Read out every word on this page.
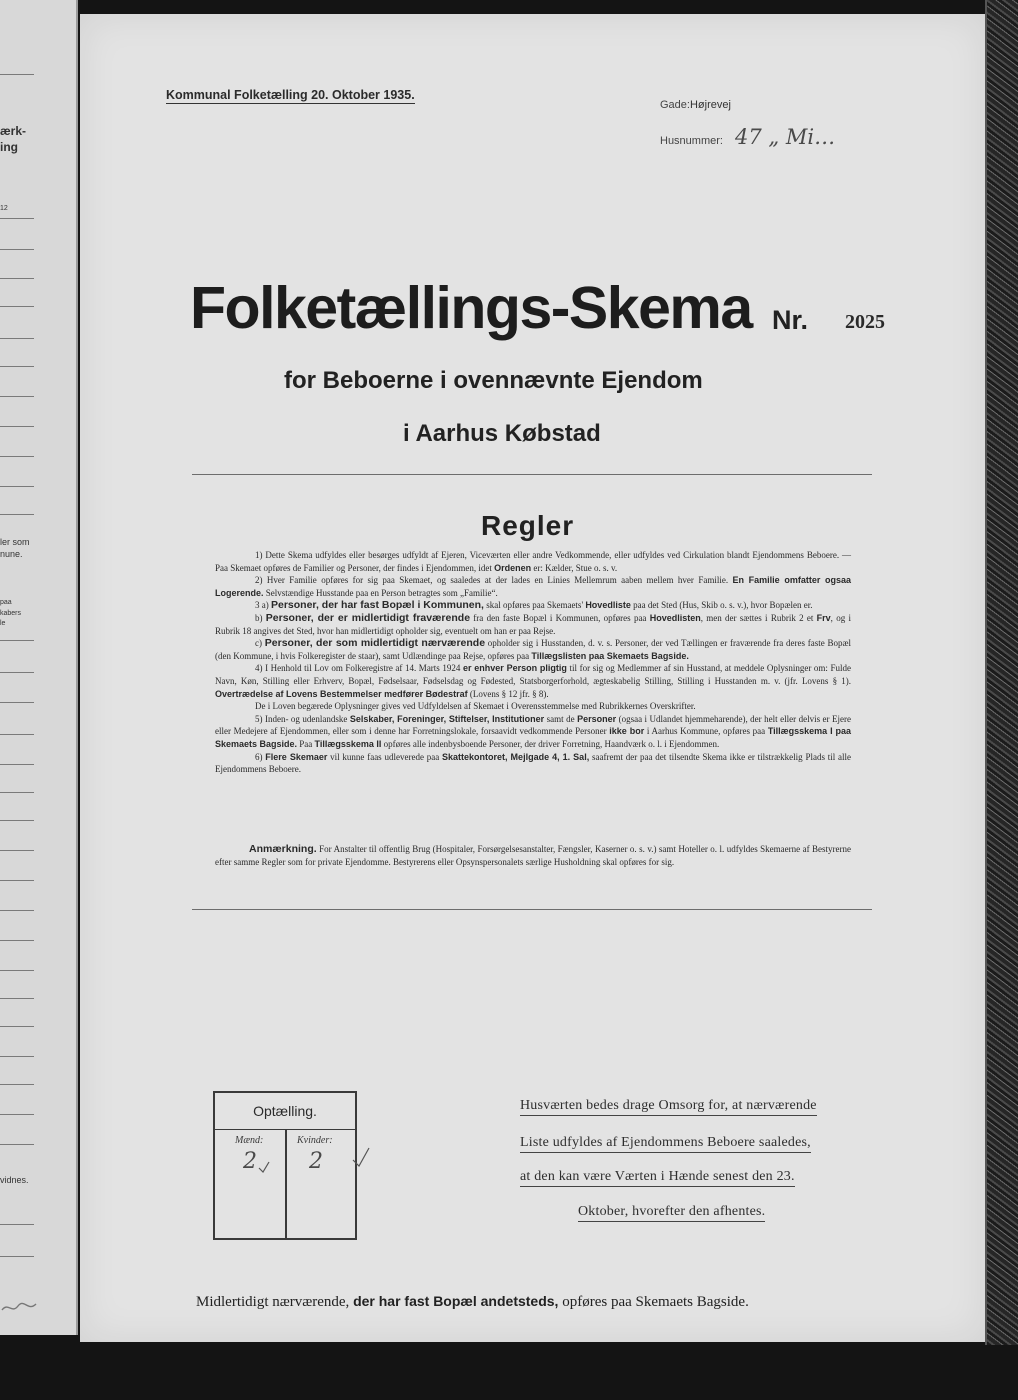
ærk-
ing
12
ler som
nune.
paa
kabers
le
vidnes.
Kommunal Folketælling 20. Oktober 1935.
Gade:Højrevej
Husnummer: 47 „ Mi…
Folketællings-Skema Nr. 2025
for Beboerne i ovennævnte Ejendom
i Aarhus Købstad
Regler

1) Dette Skema udfyldes eller besørges udfyldt af Ejeren, Viceværten eller andre Vedkommende, eller udfyldes ved Cirkulation blandt Ejendommens Beboere. — Paa Skemaet opføres de Familier og Personer, der findes i Ejendommen, idet Ordenen er: Kælder, Stue o. s. v.

2) Hver Familie opføres for sig paa Skemaet, og saaledes at der lades en Linies Mellemrum aaben mellem hver Familie. En Familie omfatter ogsaa Logerende. Selvstændige Husstande paa en Person betragtes som „Familie“.

3 a) Personer, der har fast Bopæl i Kommunen, skal opføres paa Skemaets' Hovedliste paa det Sted (Hus, Skib o. s. v.), hvor Bopælen er.

b) Personer, der er midlertidigt fraværende fra den faste Bopæl i Kommunen, opføres paa Hovedlisten, men der sættes i Rubrik 2 et Frv, og i Rubrik 18 angives det Sted, hvor han midlertidigt opholder sig, eventuelt om han er paa Rejse.

c) Personer, der som midlertidigt nærværende opholder sig i Husstanden, d. v. s. Personer, der ved Tællingen er fraværende fra deres faste Bopæl (den Kommune, i hvis Folkeregister de staar), samt Udlændinge paa Rejse, opføres paa Tillægslisten paa Skemaets Bagside.

4) I Henhold til Lov om Folkeregistre af 14. Marts 1924 er enhver Person pligtig til for sig og Medlemmer af sin Husstand, at meddele Oplysninger om: Fulde Navn, Køn, Stilling eller Erhverv, Bopæl, Fødselsaar, Fødselsdag og Fødested, Statsborgerforhold, ægteskabelig Stilling, Stilling i Husstanden m. v. (jfr. Lovens § 1). Overtrædelse af Lovens Bestemmelser medfører Bødestraf (Lovens § 12 jfr. § 8).

De i Loven begærede Oplysninger gives ved Udfyldelsen af Skemaet i Overensstemmelse med Rubrikkernes Overskrifter.

5) Inden- og udenlandske Selskaber, Foreninger, Stiftelser, Institutioner samt de Personer (ogsaa i Udlandet hjemmeharende), der helt eller delvis er Ejere eller Medejere af Ejendommen, eller som i denne har Forretningslokale, forsaavidt vedkommende Personer ikke bor i Aarhus Kommune, opføres paa Tillægsskema I paa Skemaets Bagside. Paa Tillægsskema II opføres alle indenbysboende Personer, der driver Forretning, Haandværk o. l. i Ejendommen.

6) Flere Skemaer vil kunne faas udleverede paa Skattekontoret, Mejlgade 4, 1. Sal, saafremt der paa det tilsendte Skema ikke er tilstrækkelig Plads til alle Ejendommens Beboere.

Anmærkning. For Anstalter til offentlig Brug (Hospitaler, Forsørgelsesanstalter, Fængsler, Kaserner o. s. v.) samt Hoteller o. l. udfyldes Skemaerne af Bestyrerne efter samme Regler som for private Ejendomme. Bestyrerens eller Opsynspersonalets særlige Husholdning skal opføres for sig.
Optælling.
Mænd:	Kvinder:
2 2
Husværten bedes drage Omsorg for, at nærværende
Liste udfyldes af Ejendommens Beboere saaledes,
at den kan være Værten i Hænde senest den 23.
Oktober, hvorefter den afhentes.
Midlertidigt nærværende, der har fast Bopæl andetsteds, opføres paa Skemaets Bagside.
